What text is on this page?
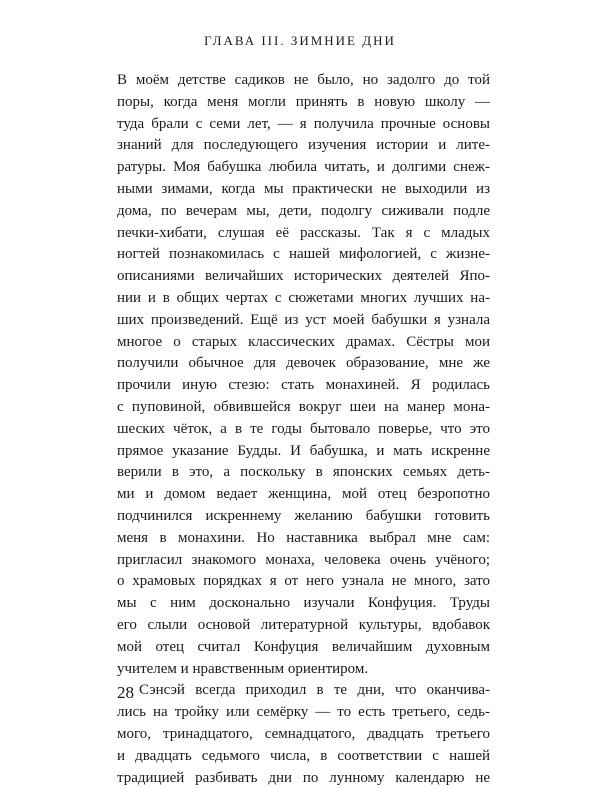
ГЛАВА III. ЗИМНИЕ ДНИ
В моём детстве садиков не было, но задолго до той
поры, когда меня могли принять в новую школу —
туда брали с семи лет, — я получила прочные основы
знаний для последующего изучения истории и лите-
ратуры. Моя бабушка любила читать, и долгими снеж-
ными зимами, когда мы практически не выходили из
дома, по вечерам мы, дети, подолгу сиживали подле
печки-хибати, слушая её рассказы. Так я с младых
ногтей познакомилась с нашей мифологией, с жизне-
описаниями величайших исторических деятелей Япо-
нии и в общих чертах с сюжетами многих лучших на-
ших произведений. Ещё из уст моей бабушки я узнала
многое о старых классических драмах. Сёстры мои
получили обычное для девочек образование, мне же
прочили иную стезю: стать монахиней. Я родилась
с пуповиной, обвившейся вокруг шеи на манер мона-
шеских чёток, а в те годы бытовало поверье, что это
прямое указание Будды. И бабушка, и мать искренне
верили в это, а поскольку в японских семьях деть-
ми и домом ведает женщина, мой отец безропотно
подчинился искреннему желанию бабушки готовить
меня в монахини. Но наставника выбрал мне сам:
пригласил знакомого монаха, человека очень учёного;
о храмовых порядках я от него узнала не много, зато
мы с ним досконально изучали Конфуция. Труды
его слыли основой литературной культуры, вдобавок
мой отец считал Конфуция величайшим духовным
учителем и нравственным ориентиром.
Сэнсэй всегда приходил в те дни, что оканчива-
лись на тройку или семёрку — то есть третьего, седь-
мого, тринадцатого, семнадцатого, двадцать третьего
и двадцать седьмого числа, в соответствии с нашей
традицией разбивать дни по лунному календарю не
28
